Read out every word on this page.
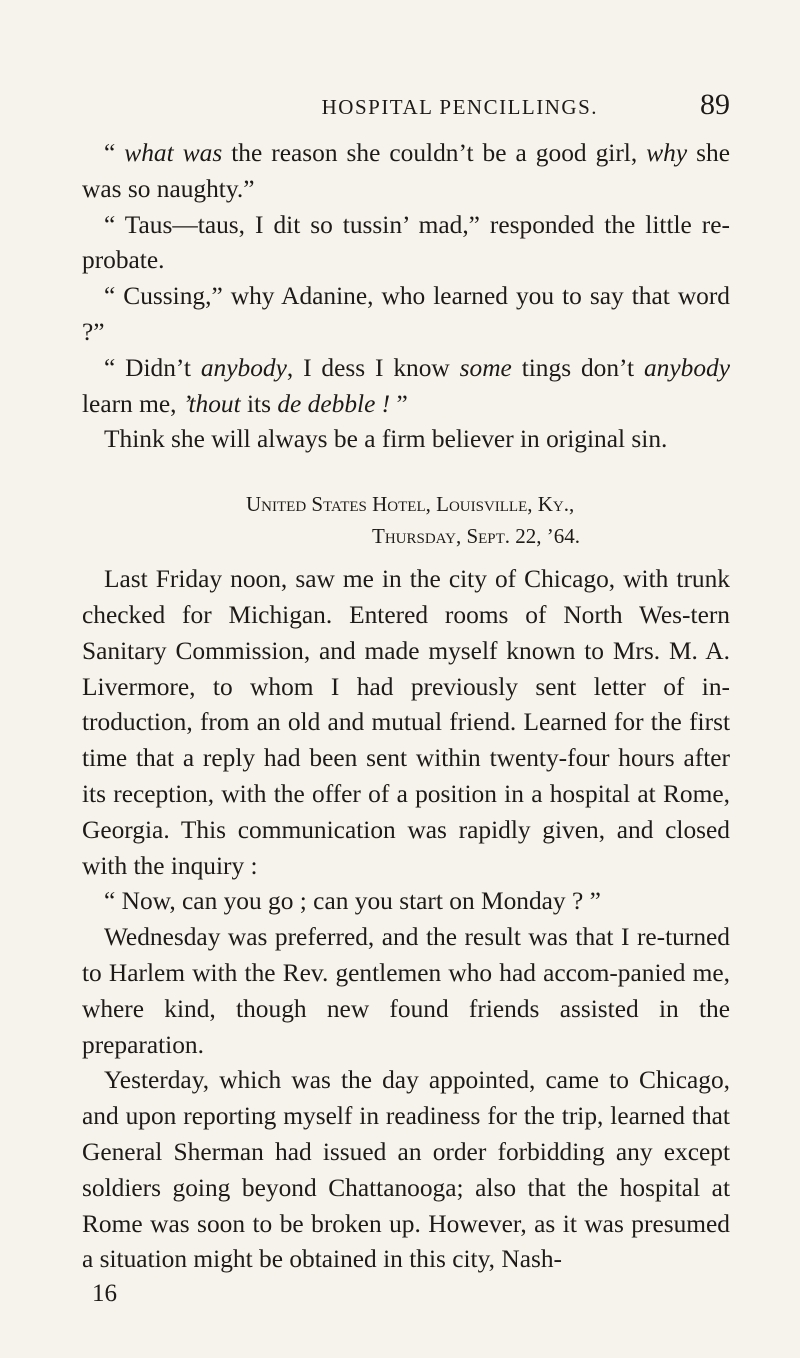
HOSPITAL PENCILLINGS.	89

“ what was the reason she couldn’t be a good girl, why she was so naughty.”

“ Taus—taus, I dit so tussin’ mad,” responded the little re-probate.

“ Cussing,” why Adanine, who learned you to say that word ?”

“ Didn’t anybody, I dess I know some tings don’t anybody learn me, ’thout its de debble ! ”

Think she will always be a firm believer in original sin.

United States Hotel, Louisville, Ky.,
Thursday, Sept. 22, ’64.

Last Friday noon, saw me in the city of Chicago, with trunk checked for Michigan. Entered rooms of North Wes-tern Sanitary Commission, and made myself known to Mrs. M. A. Livermore, to whom I had previously sent letter of in-troduction, from an old and mutual friend. Learned for the first time that a reply had been sent within twenty-four hours after its reception, with the offer of a position in a hospital at Rome, Georgia. This communication was rapidly given, and closed with the inquiry :

“ Now, can you go ; can you start on Monday ? ”

Wednesday was preferred, and the result was that I re-turned to Harlem with the Rev. gentlemen who had accom-panied me, where kind, though new found friends assisted in the preparation.

Yesterday, which was the day appointed, came to Chicago, and upon reporting myself in readiness for the trip, learned that General Sherman had issued an order forbidding any except soldiers going beyond Chattanooga; also that the hospital at Rome was soon to be broken up. However, as it was presumed a situation might be obtained in this city, Nash-

16
